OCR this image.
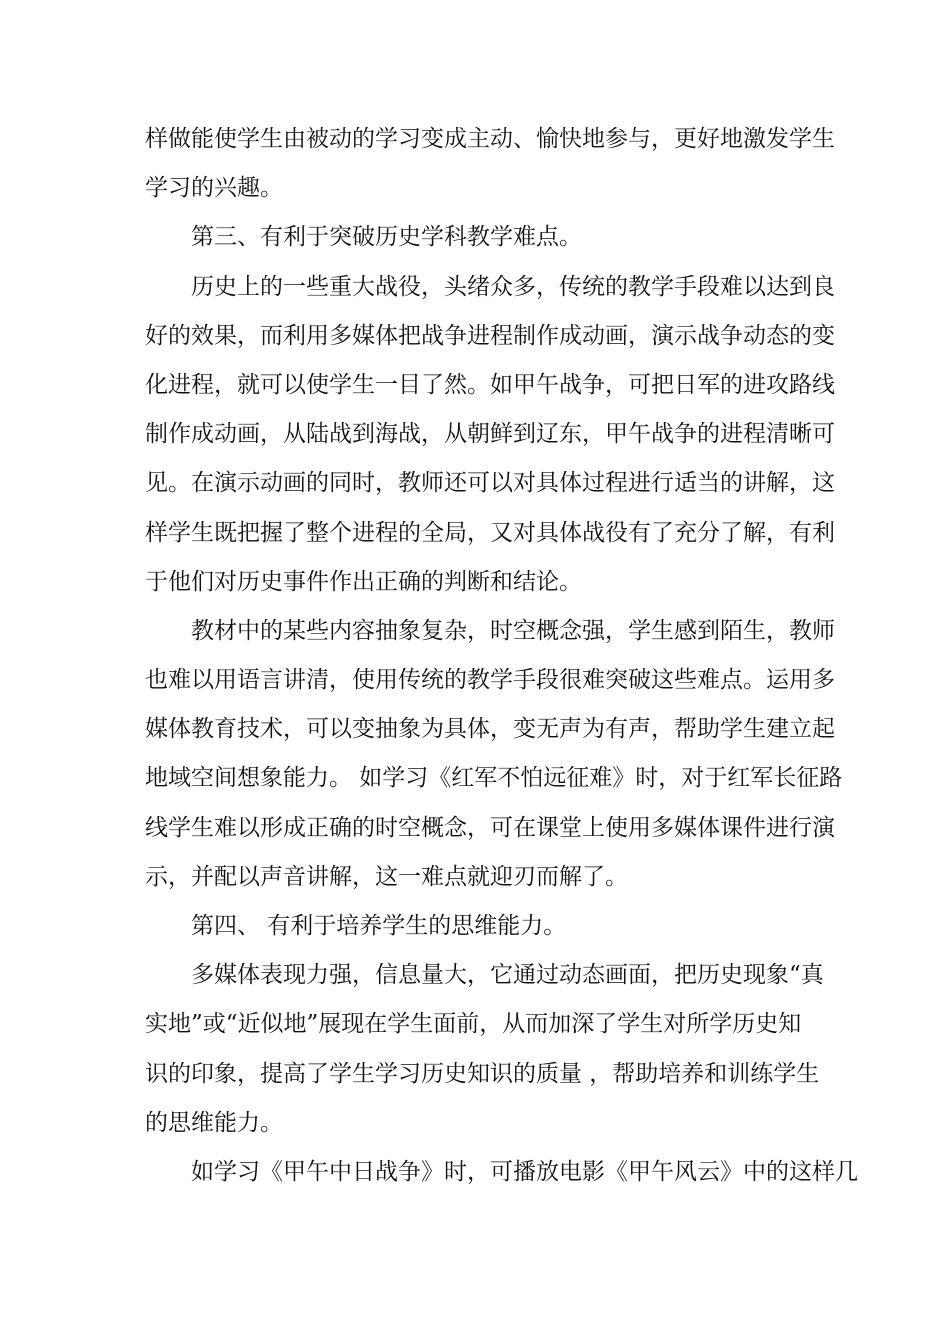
样做能使学生由被动的学习变成主动、愉快地参与，更好地激发学生
学习的兴趣。
第三、有利于突破历史学科教学难点。
历史上的一些重大战役，头绪众多，传统的教学手段难以达到良
好的效果，而利用多媒体把战争进程制作成动画，演示战争动态的变
化进程，就可以使学生一目了然。如甲午战争，可把日军的进攻路线
制作成动画，从陆战到海战，从朝鲜到辽东，甲午战争的进程清晰可
见。在演示动画的同时，教师还可以对具体过程进行适当的讲解，这
样学生既把握了整个进程的全局，又对具体战役有了充分了解，有利
于他们对历史事件作出正确的判断和结论。
教材中的某些内容抽象复杂，时空概念强，学生感到陌生，教师
也难以用语言讲清，使用传统的教学手段很难突破这些难点。运用多
媒体教育技术，可以变抽象为具体，变无声为有声，帮助学生建立起
地域空间想象能力。 如学习《红军不怕远征难》时，对于红军长征路
线学生难以形成正确的时空概念，可在课堂上使用多媒体课件进行演
示，并配以声音讲解，这一难点就迎刃而解了。
第四、 有利于培养学生的思维能力。
多媒体表现力强，信息量大，它通过动态画面，把历史现象“真
实地”或“近似地”展现在学生面前，从而加深了学生对所学历史知
识的印象，提高了学生学习历史知识的质量 ，帮助培养和训练学生
的思维能力。
如学习《甲午中日战争》时，可播放电影《甲午风云》中的这样几
